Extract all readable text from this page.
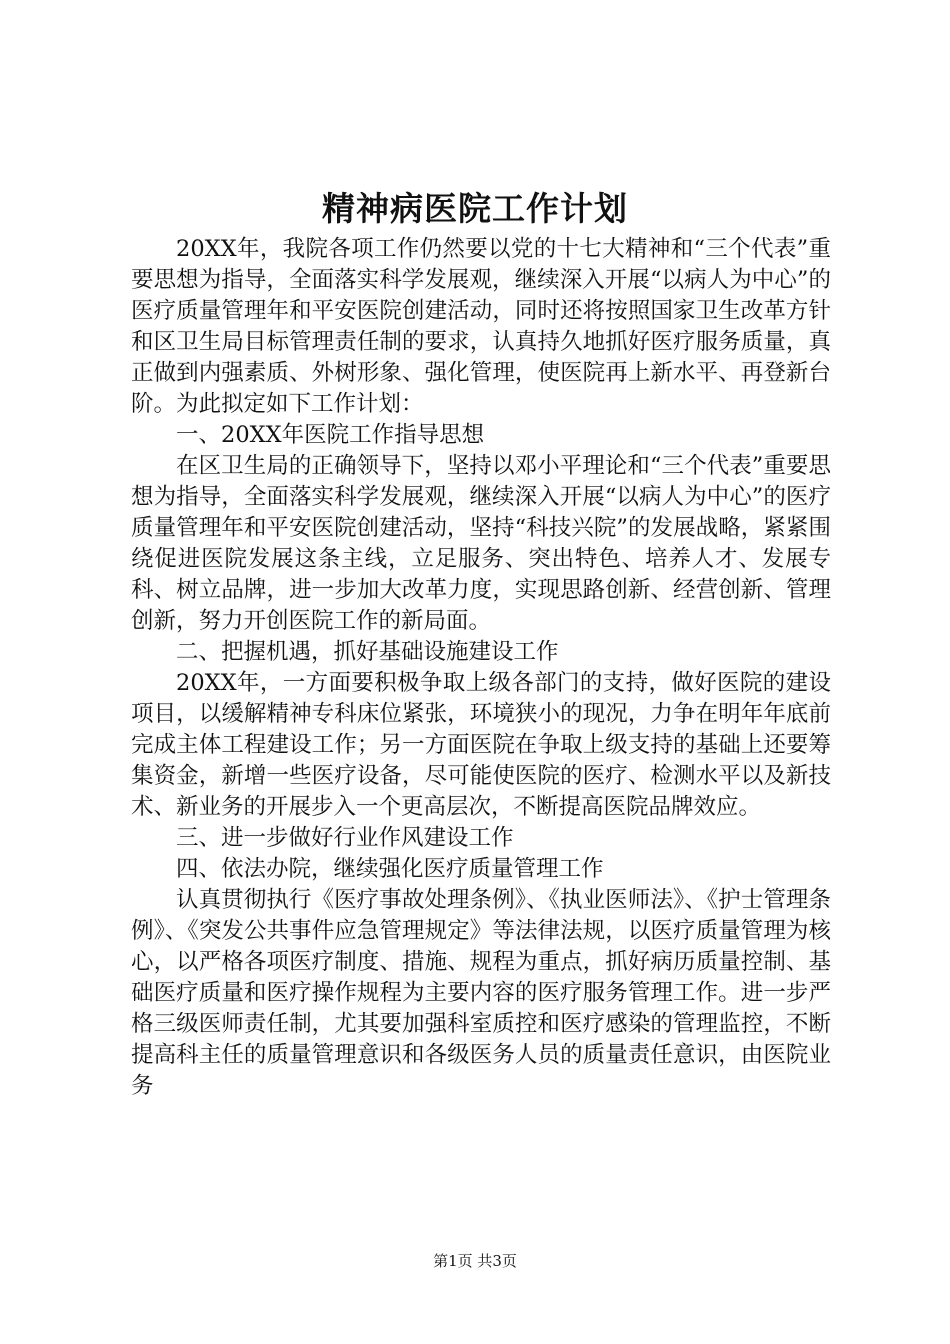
精神病医院工作计划

20XX年，我院各项工作仍然要以党的十七大精神和“三个代表”重要思想为指导，全面落实科学发展观，继续深入开展“以病人为中心”的医疗质量管理年和平安医院创建活动，同时还将按照国家卫生改革方针和区卫生局目标管理责任制的要求，认真持久地抓好医疗服务质量，真正做到内强素质、外树形象、强化管理，使医院再上新水平、再登新台阶。为此拟定如下工作计划：

一、20XX年医院工作指导思想

在区卫生局的正确领导下，坚持以邓小平理论和“三个代表”重要思想为指导，全面落实科学发展观，继续深入开展“以病人为中心”的医疗质量管理年和平安医院创建活动，坚持“科技兴院”的发展战略，紧紧围绕促进医院发展这条主线，立足服务、突出特色、培养人才、发展专科、树立品牌，进一步加大改革力度，实现思路创新、经营创新、管理创新，努力开创医院工作的新局面。

二、把握机遇，抓好基础设施建设工作

20XX年，一方面要积极争取上级各部门的支持，做好医院的建设项目，以缓解精神专科床位紧张，环境狭小的现况，力争在明年年底前完成主体工程建设工作；另一方面医院在争取上级支持的基础上还要筹集资金，新增一些医疗设备，尽可能使医院的医疗、检测水平以及新技术、新业务的开展步入一个更高层次，不断提高医院品牌效应。

三、进一步做好行业作风建设工作

四、依法办院，继续强化医疗质量管理工作

认真贯彻执行《医疗事故处理条例》、《执业医师法》、《护士管理条例》、《突发公共事件应急管理规定》等法律法规，以医疗质量管理为核心，以严格各项医疗制度、措施、规程为重点，抓好病历质量控制、基础医疗质量和医疗操作规程为主要内容的医疗服务管理工作。进一步严格三级医师责任制，尤其要加强科室质控和医疗感染的管理监控，不断提高科主任的质量管理意识和各级医务人员的质量责任意识，由医院业务

第1页 共3页
